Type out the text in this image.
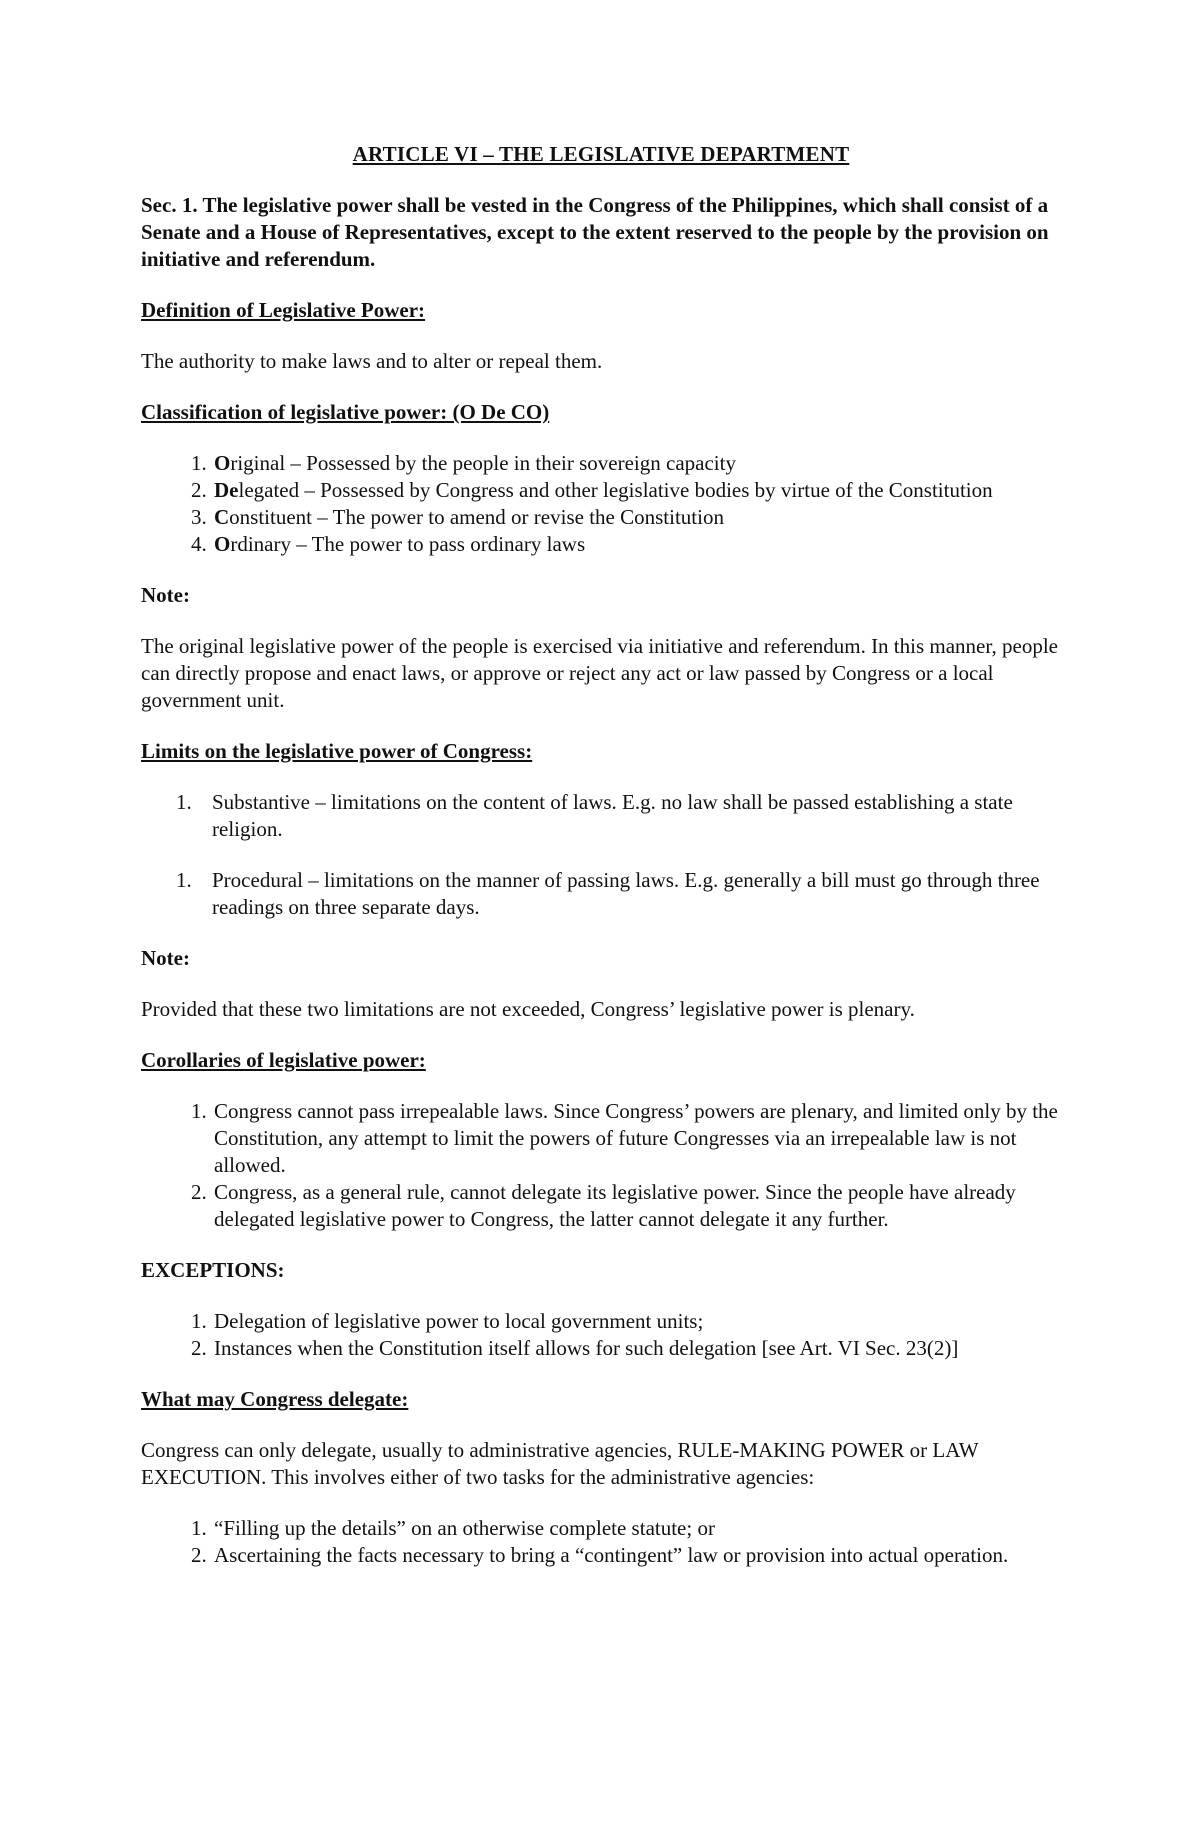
ARTICLE VI – THE LEGISLATIVE DEPARTMENT
Sec. 1. The legislative power shall be vested in the Congress of the Philippines, which shall consist of a Senate and a House of Representatives, except to the extent reserved to the people by the provision on initiative and referendum.
Definition of Legislative Power:
The authority to make laws and to alter or repeal them.
Classification of legislative power: (O De CO)
1. Original – Possessed by the people in their sovereign capacity
2. Delegated – Possessed by Congress and other legislative bodies by virtue of the Constitution
3. Constituent – The power to amend or revise the Constitution
4. Ordinary – The power to pass ordinary laws
Note:
The original legislative power of the people is exercised via initiative and referendum. In this manner, people can directly propose and enact laws, or approve or reject any act or law passed by Congress or a local government unit.
Limits on the legislative power of Congress:
1. Substantive – limitations on the content of laws. E.g. no law shall be passed establishing a state religion.
1. Procedural – limitations on the manner of passing laws. E.g. generally a bill must go through three readings on three separate days.
Note:
Provided that these two limitations are not exceeded, Congress’ legislative power is plenary.
Corollaries of legislative power:
1. Congress cannot pass irrepealable laws. Since Congress’ powers are plenary, and limited only by the Constitution, any attempt to limit the powers of future Congresses via an irrepealable law is not allowed.
2. Congress, as a general rule, cannot delegate its legislative power. Since the people have already delegated legislative power to Congress, the latter cannot delegate it any further.
EXCEPTIONS:
1. Delegation of legislative power to local government units;
2. Instances when the Constitution itself allows for such delegation [see Art. VI Sec. 23(2)]
What may Congress delegate:
Congress can only delegate, usually to administrative agencies, RULE-MAKING POWER or LAW EXECUTION. This involves either of two tasks for the administrative agencies:
1. “Filling up the details” on an otherwise complete statute; or
2. Ascertaining the facts necessary to bring a “contingent” law or provision into actual operation.
